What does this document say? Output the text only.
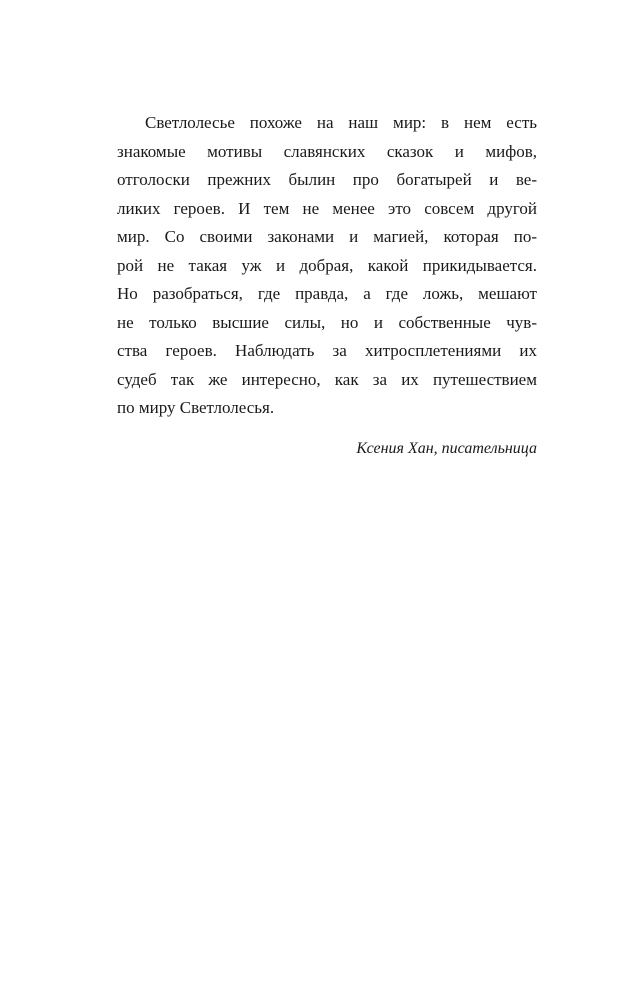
Светлолесье похоже на наш мир: в нем есть
знакомые мотивы славянских сказок и мифов,
отголоски прежних былин про богатырей и ве-
ликих героев. И тем не менее это совсем другой
мир. Со своими законами и магией, которая по-
рой не такая уж и добрая, какой прикидывается.
Но разобраться, где правда, а где ложь, мешают
не только высшие силы, но и собственные чув-
ства героев. Наблюдать за хитросплетениями их
судеб так же интересно, как за их путешествием
по миру Светлолесья.
Ксения Хан, писательница
